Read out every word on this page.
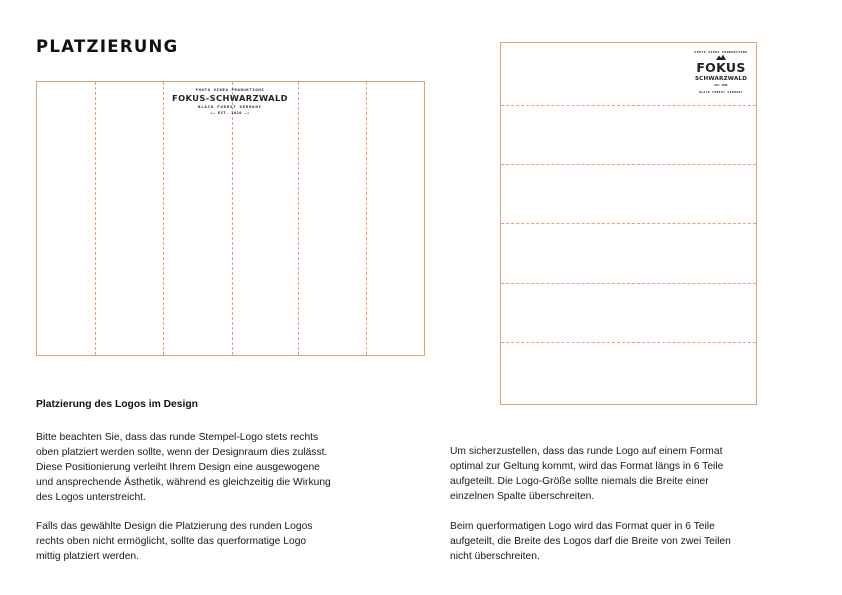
PLATZIERUNG
PHOTO VIDEO PRODUKTIONS
FOKUS-SCHWARZWALD
BLACK FOREST GERMANY
◂– EST. 2020 –▸
PHOTO VIDEO PRODUKTIONS
FOKUS
SCHWARZWALD
EST. 2020
BLACK FOREST GERMANY
Platzierung des Logos im Design

Bitte beachten Sie, dass das runde Stempel-Logo stets rechts
oben platziert werden sollte, wenn der Designraum dies zulässt.
Diese Positionierung verleiht Ihrem Design eine ausgewogene
und ansprechende Ästhetik, während es gleichzeitig die Wirkung
des Logos unterstreicht.

Falls das gewählte Design die Platzierung des runden Logos
rechts oben nicht ermöglicht, sollte das querformatige Logo
mittig platziert werden.

Um sicherzustellen, dass das runde Logo auf einem Format
optimal zur Geltung kommt, wird das Format längs in 6 Teile
aufgeteilt. Die Logo-Größe sollte niemals die Breite einer
einzelnen Spalte überschreiten.

Beim querformatigen Logo wird das Format quer in 6 Teile
aufgeteilt, die Breite des Logos darf die Breite von zwei Teilen
nicht überschreiten.
